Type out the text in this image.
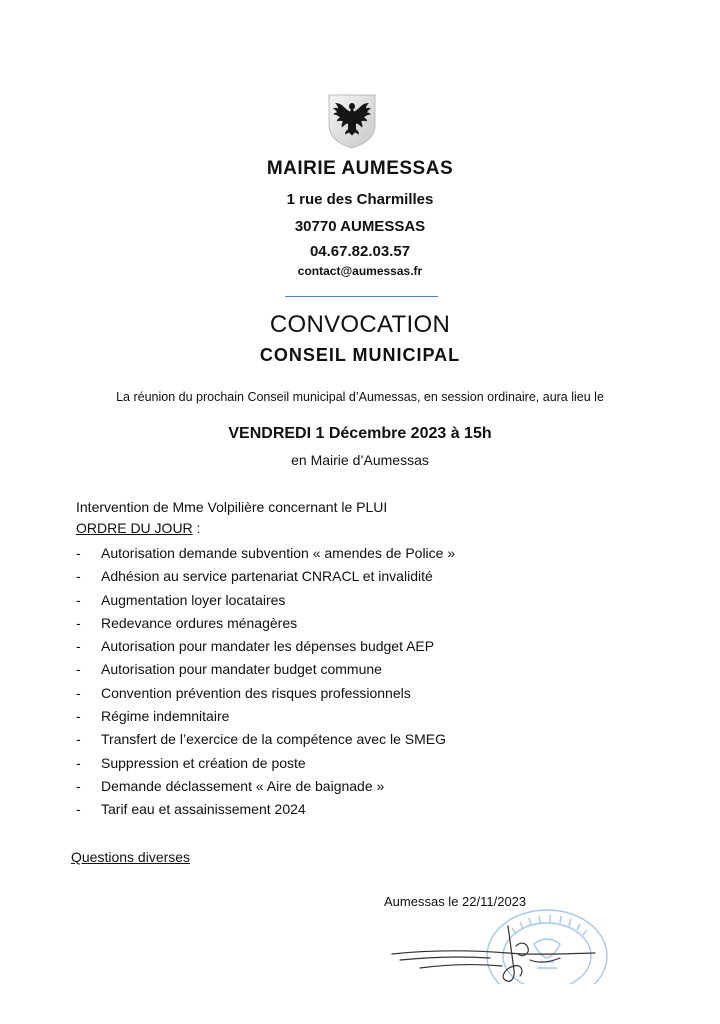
MAIRIE AUMESSAS
1 rue des Charmilles
30770 AUMESSAS
04.67.82.03.57
contact@aumessas.fr
CONVOCATION
CONSEIL MUNICIPAL
La réunion du prochain Conseil municipal d’Aumessas, en session ordinaire, aura lieu le
VENDREDI 1 Décembre 2023 à 15h
en Mairie d’Aumessas
Intervention de Mme Volpilière concernant le PLUI
ORDRE DU JOUR :
- Autorisation demande subvention « amendes de Police »
- Adhésion au service partenariat CNRACL et invalidité
- Augmentation loyer locataires
- Redevance ordures ménagères
- Autorisation pour mandater les dépenses budget AEP
- Autorisation pour mandater budget commune
- Convention prévention des risques professionnels
- Régime indemnitaire
- Transfert de l’exercice de la compétence avec le SMEG
- Suppression et création de poste
- Demande déclassement « Aire de baignade »
- Tarif eau et assainissement 2024
Questions diverses
Aumessas le 22/11/2023
